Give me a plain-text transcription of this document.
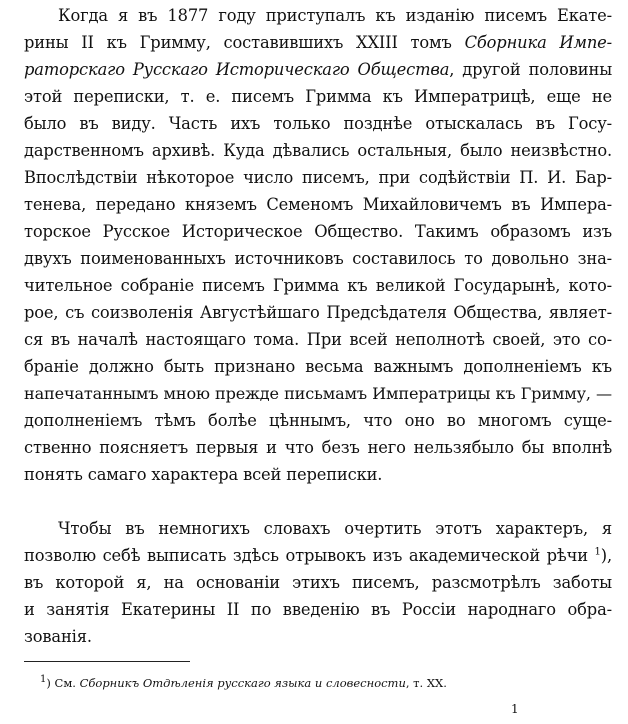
Когда я въ 1877 году приступалъ къ изданію писемъ Екате-
рины II къ Гримму, составившихъ XXIII томъ Сборника Импе-
раторскаго Русскаго Историческаго Общества, другой половины
этой переписки, т. е. писемъ Гримма къ Императрицѣ, еще не
было въ виду. Часть ихъ только позднѣе отыскалась въ Госу-
дарственномъ архивѣ. Куда дѣвались остальныя, было неизвѣстно.
Впослѣдствіи нѣкоторое число писемъ, при содѣйствіи П. И. Бар-
тенева, передано княземъ Семеномъ Михайловичемъ въ Импера-
торское Русское Историческое Общество. Такимъ образомъ изъ
двухъ поименованныхъ источниковъ составилось то довольно зна-
чительное собраніе писемъ Гримма къ великой Государынѣ, кото-
рое, съ соизволенія Августѣйшаго Предсѣдателя Общества, являет-
ся въ началѣ настоящаго тома. При всей неполнотѣ своей, это со-
браніе должно быть признано весьма важнымъ дополненіемъ къ
напечатаннымъ мною прежде письмамъ Императрицы къ Гримму, —
дополненіемъ тѣмъ болѣе цѣннымъ, что оно во многомъ суще-
ственно поясняетъ первыя и что безъ него нельзябыло бы вполнѣ
понять самаго характера всей переписки.
Чтобы въ немногихъ словахъ очертить этотъ характеръ, я
позволю себѣ выписать здѣсь отрывокъ изъ академической рѣчи $^1$),
въ которой я, на основаніи этихъ писемъ, разсмотрѣлъ заботы
и занятія Екатерины II по введенію въ Россіи народнаго обра-
зованія.
$^1$) См. Сборникъ Отдѣленія русскаго языка и словесности, т. XX.
1
